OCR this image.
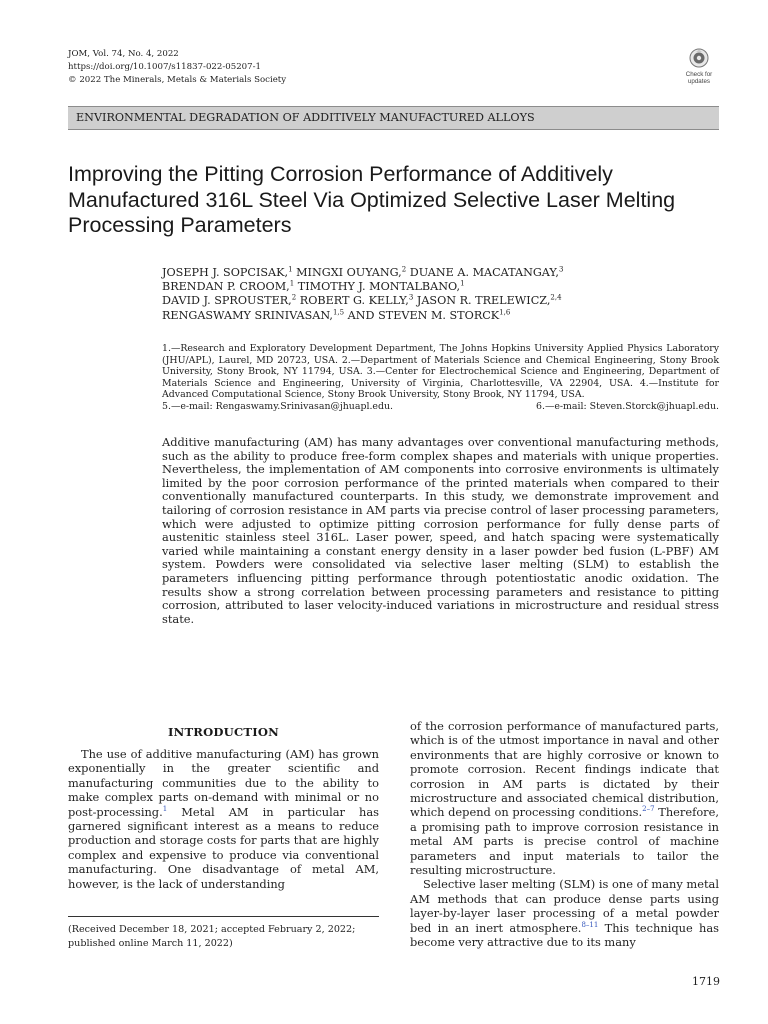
JOM, Vol. 74, No. 4, 2022
https://doi.org/10.1007/s11837-022-05207-1
© 2022 The Minerals, Metals & Materials Society
Check for
updates
ENVIRONMENTAL DEGRADATION OF ADDITIVELY MANUFACTURED ALLOYS
Improving the Pitting Corrosion Performance of Additively Manufactured 316L Steel Via Optimized Selective Laser Melting Processing Parameters
JOSEPH J. SOPCISAK,$^1$ MINGXI OUYANG,$^2$ DUANE A. MACATANGAY,$^3$
BRENDAN P. CROOM,$^1$ TIMOTHY J. MONTALBANO,$^1$
DAVID J. SPROUSTER,$^2$ ROBERT G. KELLY,$^3$ JASON R. TRELEWICZ,$^{2,4}$
RENGASWAMY SRINIVASAN,$^{1,5}$ AND STEVEN M. STORCK$^{1,6}$
1.—Research and Exploratory Development Department, The Johns Hopkins University Applied Physics Laboratory (JHU/APL), Laurel, MD 20723, USA. 2.—Department of Materials Science and Chemical Engineering, Stony Brook University, Stony Brook, NY 11794, USA. 3.—Center for Electrochemical Science and Engineering, Department of Materials Science and Engineering, University of Virginia, Charlottesville, VA 22904, USA. 4.—Institute for Advanced Computational Science, Stony Brook University, Stony Brook, NY 11794, USA.
5.—e-mail: Rengaswamy.Srinivasan@jhuapl.edu.	6.—e-mail: Steven.Storck@jhuapl.edu.
Additive manufacturing (AM) has many advantages over conventional manufacturing methods, such as the ability to produce free-form complex shapes and materials with unique properties. Nevertheless, the implementation of AM components into corrosive environments is ultimately limited by the poor corrosion performance of the printed materials when compared to their conventionally manufactured counterparts. In this study, we demonstrate improvement and tailoring of corrosion resistance in AM parts via precise control of laser processing parameters, which were adjusted to optimize pitting corrosion performance for fully dense parts of austenitic stainless steel 316L. Laser power, speed, and hatch spacing were systematically varied while maintaining a constant energy density in a laser powder bed fusion (L-PBF) AM system. Powders were consolidated via selective laser melting (SLM) to establish the parameters influencing pitting performance through potentiostatic anodic oxidation. The results show a strong correlation between processing parameters and resistance to pitting corrosion, attributed to laser velocity-induced variations in microstructure and residual stress state.
INTRODUCTION

The use of additive manufacturing (AM) has grown exponentially in the greater scientific and manufacturing communities due to the ability to make complex parts on-demand with minimal or no post-processing.$^1$ Metal AM in particular has garnered significant interest as a means to reduce production and storage costs for parts that are highly complex and expensive to produce via conventional manufacturing. One disadvantage of metal AM, however, is the lack of understanding

of the corrosion performance of manufactured parts, which is of the utmost importance in naval and other environments that are highly corrosive or known to promote corrosion. Recent findings indicate that corrosion in AM parts is dictated by their microstructure and associated chemical distribution, which depend on processing conditions.$^{2-7}$ Therefore, a promising path to improve corrosion resistance in metal AM parts is precise control of machine parameters and input materials to tailor the resulting microstructure.

Selective laser melting (SLM) is one of many metal AM methods that can produce dense parts using layer-by-layer laser processing of a metal powder bed in an inert atmosphere.$^{8-11}$ This technique has become very attractive due to its many

(Received December 18, 2021; accepted February 2, 2022; published online March 11, 2022)
1719
